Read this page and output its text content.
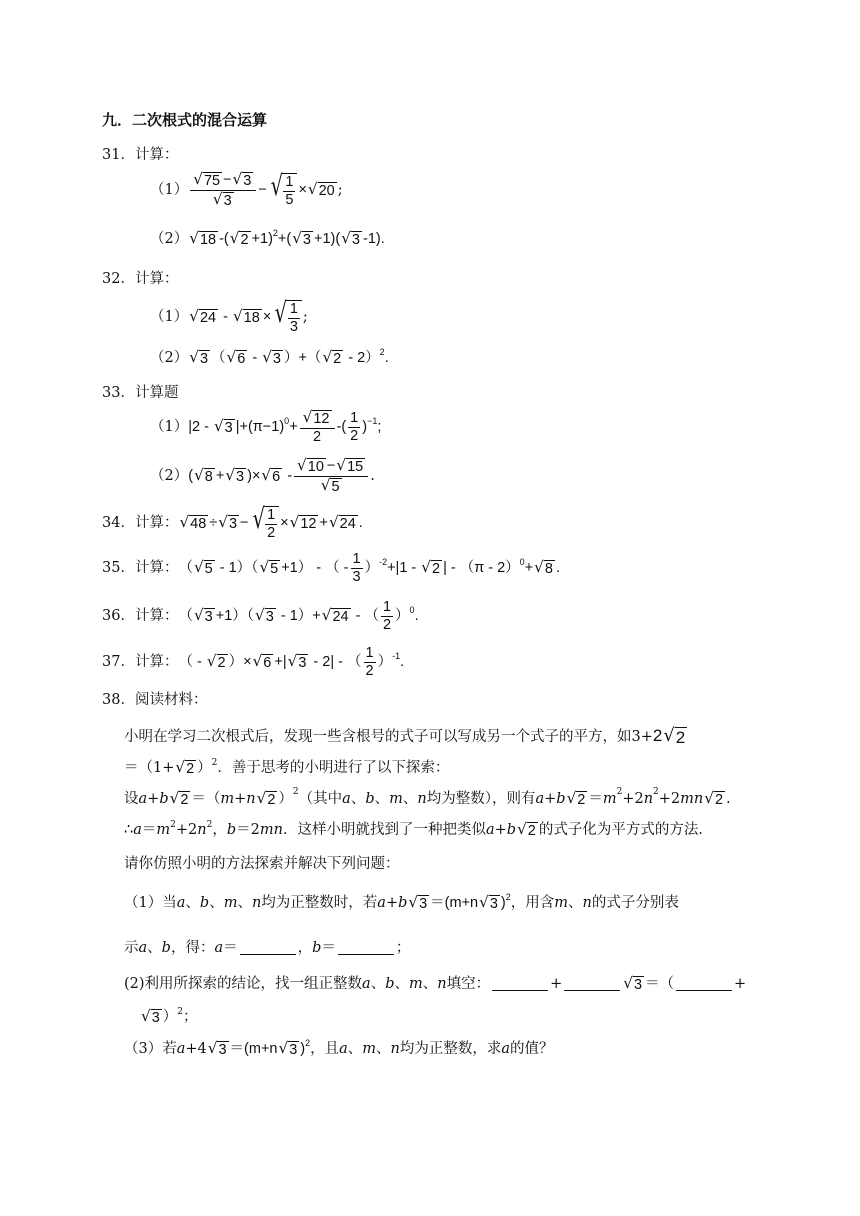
九．二次根式的混合运算
31． 计算：
$(1) \frac{√ 75 - √ 3}{√ 3}$ − √ $\frac{1}{5}$ × √ 20 ;
（2） √ 18 -( √ 2 +1)$^2$+( √ 3 +1)( √ 3 -1).
32． 计算：
（1） √ 24 - √ 18 × √ $\frac{1}{3}$ ;
（2） √ 3 （ √ 6 - √ 3 ）+（ √ 2 - 2）$^2$.
33． 计算题
（1） |2 - √ 3 $|+(\pi-1)^0+ \frac{√ 12}{2}$ -( $\frac{1}{2} )^{-1}$;
（2） ( √ 8 + √ 3 )× √ $6 - \frac{√ 10 - √ 15}{√ 5}$ .
34． 计算： √ 48 ÷ √ 3 − √ $\frac{1}{2}$ × √ 12 + √ 24 .
35． 计算： （ √ 5 - 1）（ √ 5 +1） - （ - $\frac{1}{3} )^{-2}+|1$ - √ 2 | - （π - 2）$^0$+ √ 8 .
36． 计算： （ √ 3 +1）（ √ 3 - 1）+ √ 24 - （ $\frac{1}{2} )^0$.
37． 计算： （ - √ 2 ）× √ 6 +| √ 3 - 2| - （ $\frac{1}{2} )^{-1}$.
38． 阅读材料：
小明在学习二次根式后，发现一些含根号的式子可以写成另一个式子的平方，如3+ 2 √ 2
＝（1+ √ 2 ）$^2$ ．善于思考的小明进行了以下探索：
设 a + b √ 2 ＝（ m + n √ 2 ）$^2$ （其中 a 、 b 、 m 、 n 均为整数），则有 a + b √ $2 = m^2 +2$ $n^2 +2$ mn √ 2 .
$\therefore a=m^2+2n^2$，b＝2mn ．这样小明就找到了一种把类似 a + b √ 2 的式子化为平方式的方法．
请你仿照小明的方法探索并解决下列问题：
（1）当 a 、 b 、 m 、 n 均为正整数时，若 a + b √ 3 ＝ (m+n √ 3 )$^2$ ，用含 m 、 n 的式子分别表
示 a 、 b ，得： a ＝	， b ＝	；
(2)利用所探索的结论，找一组正整数 a 、 b 、 m 、 n 填空：	+	√ 3 ＝（	+
√ 3 ）$^2$；
（3）若 a +4 √ 3 ＝ (m+n √ 3 )$^2$ ，且 a 、 m 、 n 均为正整数，求 a 的值？
